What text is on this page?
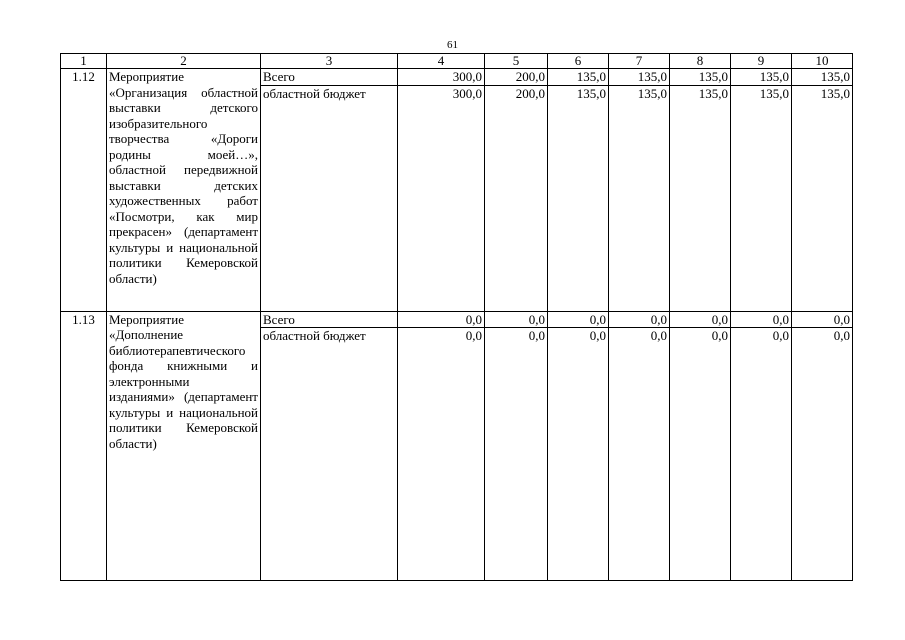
61
1	2	3	4	5	6	7	8	9	10
1.12	Мероприятие «Организация областной выставки детского изобразительного творчества «Дороги родины моей…», областной передвижной выставки детских художественных работ «Посмотри, как мир прекрасен» (департамент культуры и национальной политики Кемеровской области)	Всего	300,0	200,0	135,0	135,0	135,0	135,0	135,0
		областной бюджет	300,0	200,0	135,0	135,0	135,0	135,0	135,0
1.13	Мероприятие «Дополнение библиотерапевтического фонда книжными и электронными изданиями» (департамент культуры и национальной политики Кемеровской области)	Всего	0,0	0,0	0,0	0,0	0,0	0,0	0,0
		областной бюджет	0,0	0,0	0,0	0,0	0,0	0,0	0,0
